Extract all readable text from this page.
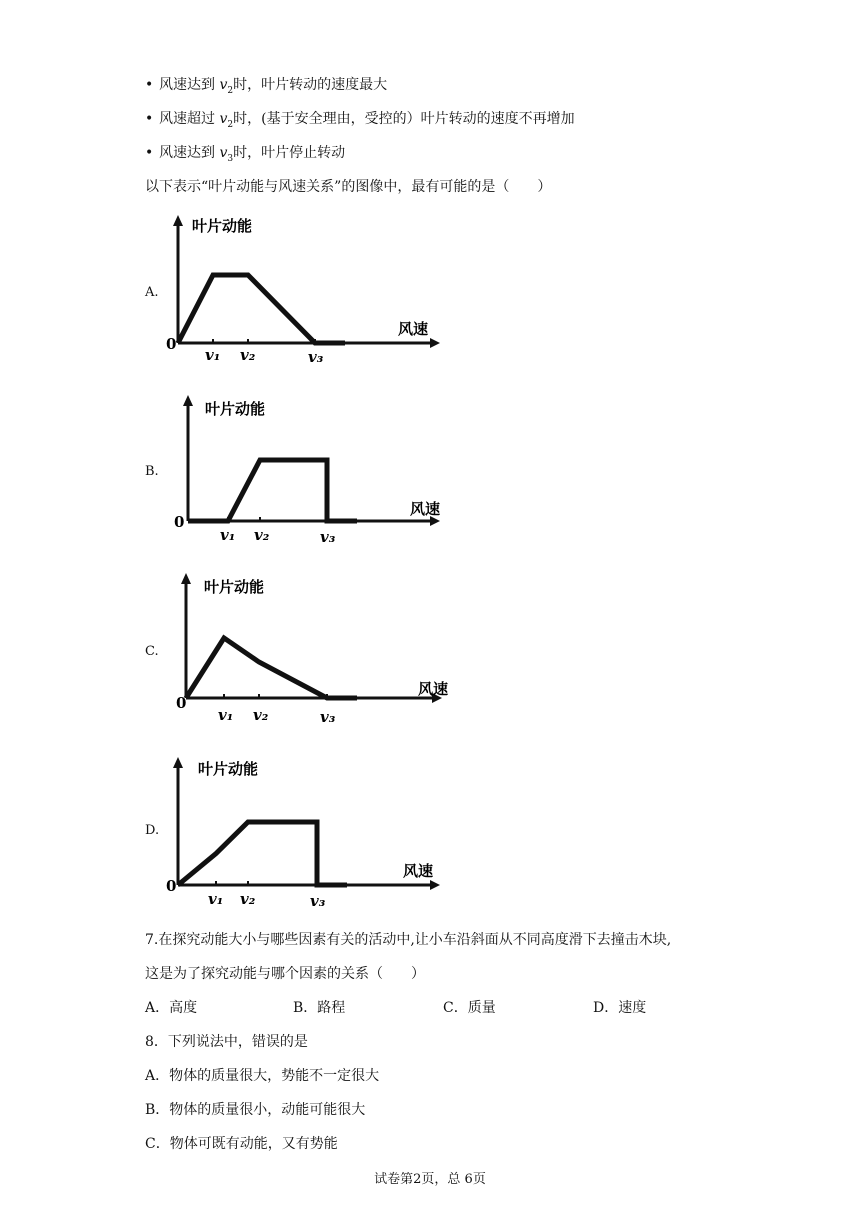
• 风速达到 $v_2$时，叶片转动的速度最大
• 风速超过 $v_2$时，(基于安全理由，受控的）叶片转动的速度不再增加
• 风速达到 $v_3$时，叶片停止转动
以下表示“叶片动能与风速关系”的图像中，最有可能的是（　　）
A.
B.
C.
D.
叶片动能
风速
0
v₁ v₂	v₃
叶片动能
风速
0
v₁ v₂	v₃
叶片动能
风速
0
v₁ v₂	v₃
叶片动能
风速
0
v₁ v₂	v₃
7.在探究动能大小与哪些因素有关的活动中,让小车沿斜面从不同高度滑下去撞击木块,
这是为了探究动能与哪个因素的关系（　　）
A．高度	B．路程	C．质量	D．速度
8．下列说法中，错误的是
A．物体的质量很大，势能不一定很大
B．物体的质量很小，动能可能很大
C．物体可既有动能，又有势能
试卷第2页，总 6页
